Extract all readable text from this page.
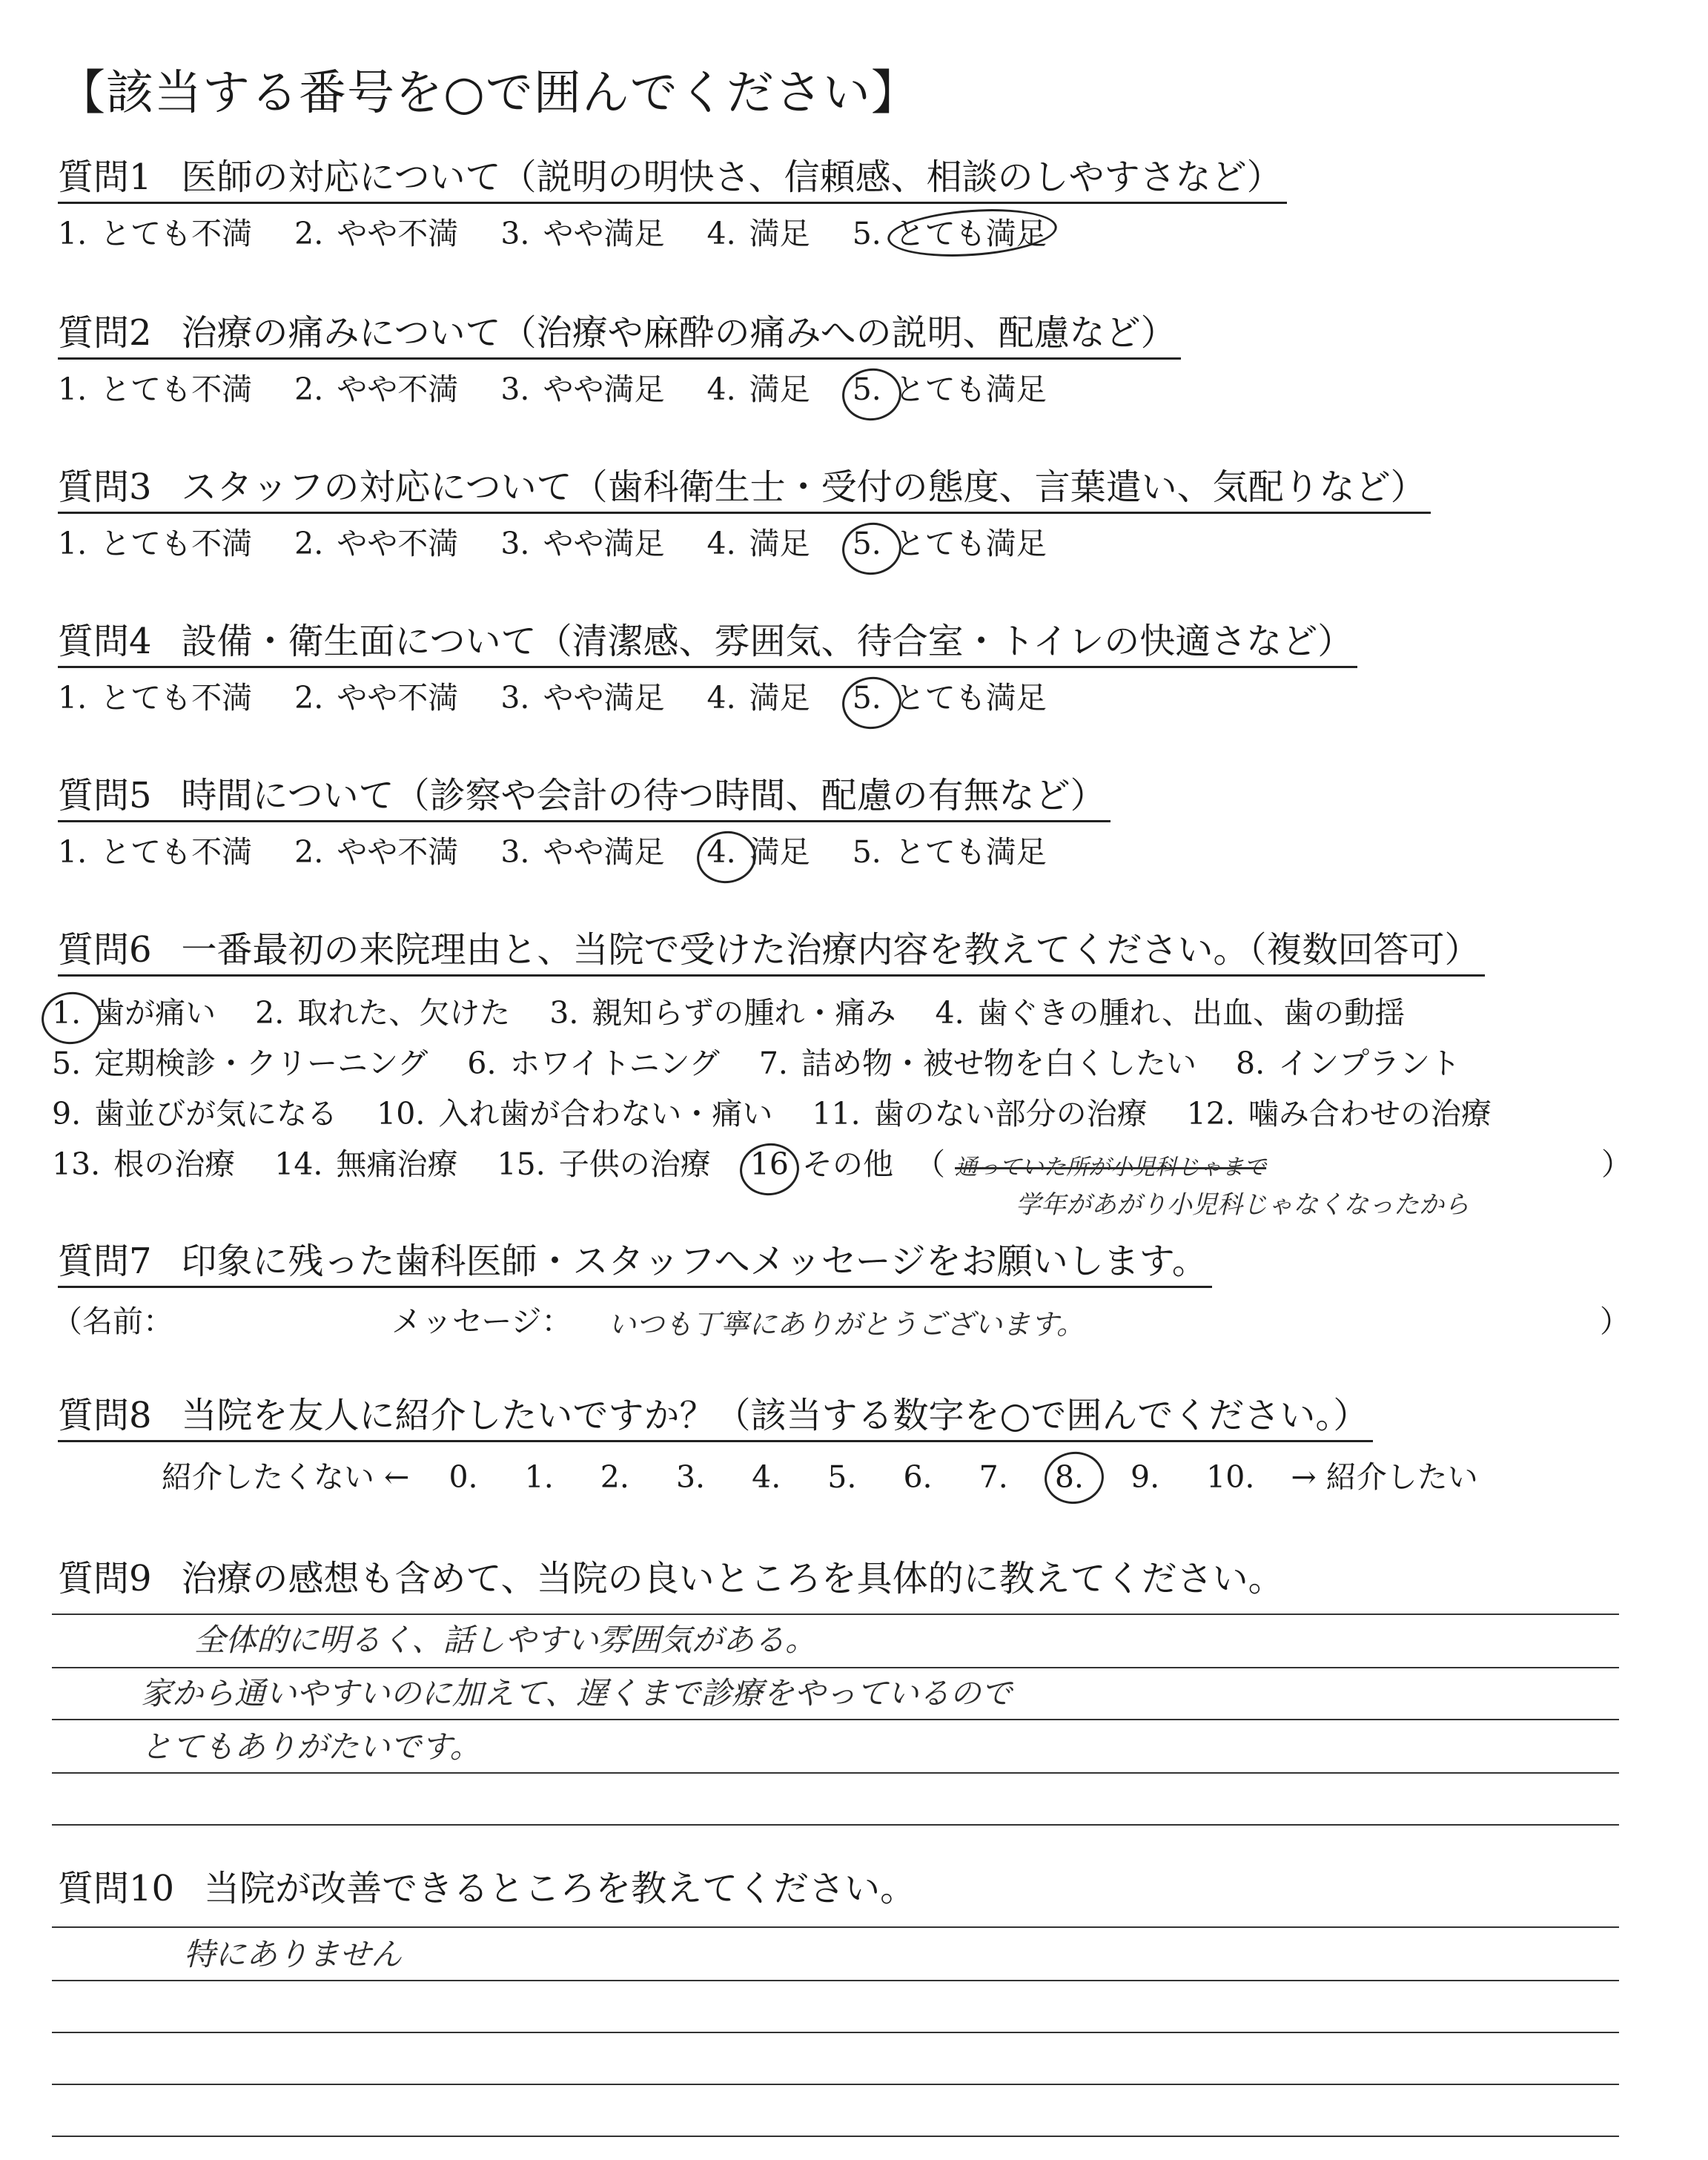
【該当する番号を○で囲んでください】
質問1 医師の対応について（説明の明快さ、信頼感、相談のしやすさなど）
1. とても不満 2. やや不満 3. やや満足 4. 満足 5. とても満足
質問2 治療の痛みについて（治療や麻酔の痛みへの説明、配慮など）
1. とても不満 2. やや不満 3. やや満足 4. 満足 5. とても満足
質問3 スタッフの対応について（歯科衛生士・受付の態度、言葉遣い、気配りなど）
1. とても不満 2. やや不満 3. やや満足 4. 満足 5. とても満足
質問4 設備・衛生面について（清潔感、雰囲気、待合室・トイレの快適さなど）
1. とても不満 2. やや不満 3. やや満足 4. 満足 5. とても満足
質問5 時間について（診察や会計の待つ時間、配慮の有無など）
1. とても不満 2. やや不満 3. やや満足 4. 満足 5. とても満足
質問6 一番最初の来院理由と、当院で受けた治療内容を教えてください。（複数回答可）
1. 歯が痛い 2. 取れた、欠けた 3. 親知らずの腫れ・痛み 4. 歯ぐきの腫れ、出血、歯の動揺
5. 定期検診・クリーニング 6. ホワイトニング 7. 詰め物・被せ物を白くしたい 8. インプラント
9. 歯並びが気になる 10. 入れ歯が合わない・痛い 11. 歯のない部分の治療 12. 噛み合わせの治療
13. 根の治療 14. 無痛治療 15. 子供の治療 16 その他 （ 通っていた所が小児科じゃまで	）
学年があがり小児科じゃなくなったから
質問7 印象に残った歯科医師・スタッフへメッセージをお願いします。
（名前：	メッセージ： いつも丁寧にありがとうございます。	）
質問8 当院を友人に紹介したいですか？（該当する数字を○で囲んでください。）
紹介したくない ← 0. 1. 2. 3. 4. 5. 6. 7. 8. 9. 10. → 紹介したい
質問9 治療の感想も含めて、当院の良いところを具体的に教えてください。
全体的に明るく、話しやすい雰囲気がある。
家から通いやすいのに加えて、遅くまで診療をやっているので
とてもありがたいです。
質問10 当院が改善できるところを教えてください。
特にありません
